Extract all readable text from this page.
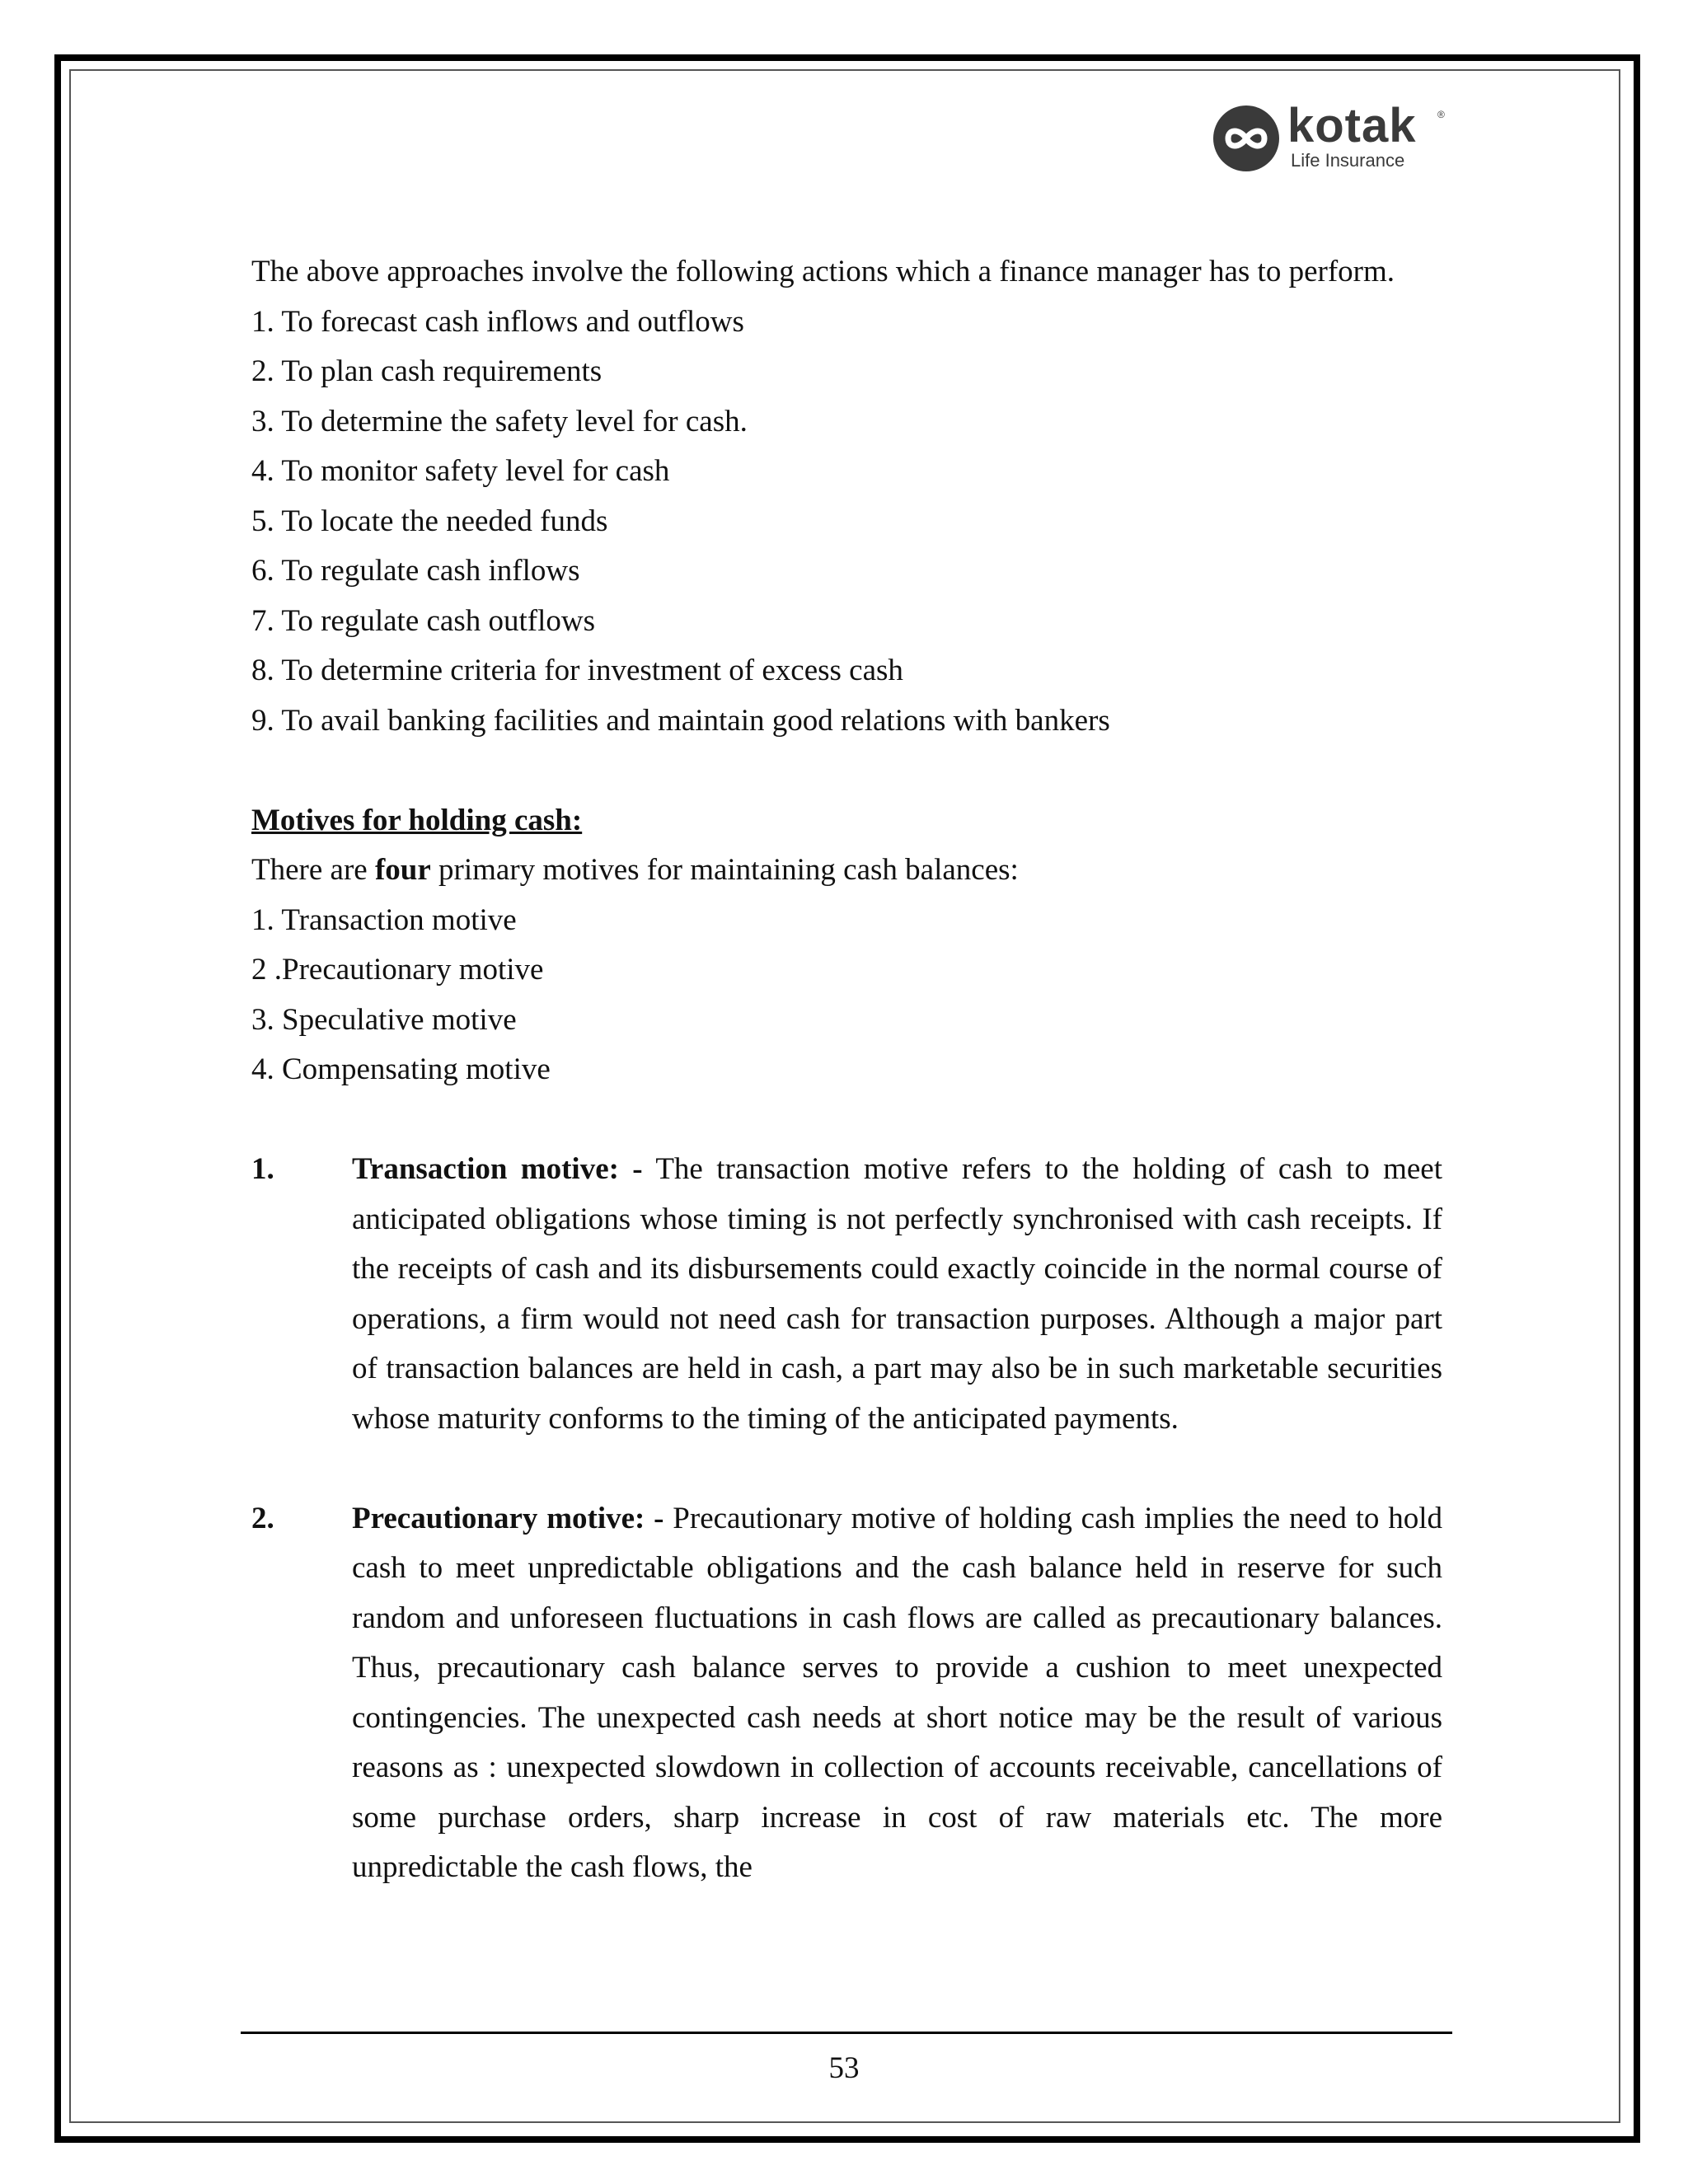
kotak ®
Life Insurance

The above approaches involve the following actions which a finance manager has to perform.

1. To forecast cash inflows and outflows

2. To plan cash requirements

3. To determine the safety level for cash.

4. To monitor safety level for cash

5. To locate the needed funds

6. To regulate cash inflows

7. To regulate cash outflows

8. To determine criteria for investment of excess cash

9. To avail banking facilities and maintain good relations with bankers

Motives for holding cash:

There are four primary motives for maintaining cash balances:

1. Transaction motive

2 .Precautionary motive

3. Speculative motive

4. Compensating motive

1.	Transaction motive: - The transaction motive refers to the holding of cash to meet anticipated obligations whose timing is not perfectly synchronised with cash receipts. If the receipts of cash and its disbursements could exactly coincide in the normal course of operations, a firm would not need cash for transaction purposes. Although a major part of transaction balances are held in cash, a part may also be in such marketable securities whose maturity conforms to the timing of the anticipated payments.
2.	Precautionary motive: - Precautionary motive of holding cash implies the need to hold cash to meet unpredictable obligations and the cash balance held in reserve for such random and unforeseen fluctuations in cash flows are called as precautionary balances. Thus, precautionary cash balance serves to provide a cushion to meet unexpected contingencies. The unexpected cash needs at short notice may be the result of various reasons as : unexpected slowdown in collection of accounts receivable, cancellations of some purchase orders, sharp increase in cost of raw materials etc. The more unpredictable the cash flows, the
53
